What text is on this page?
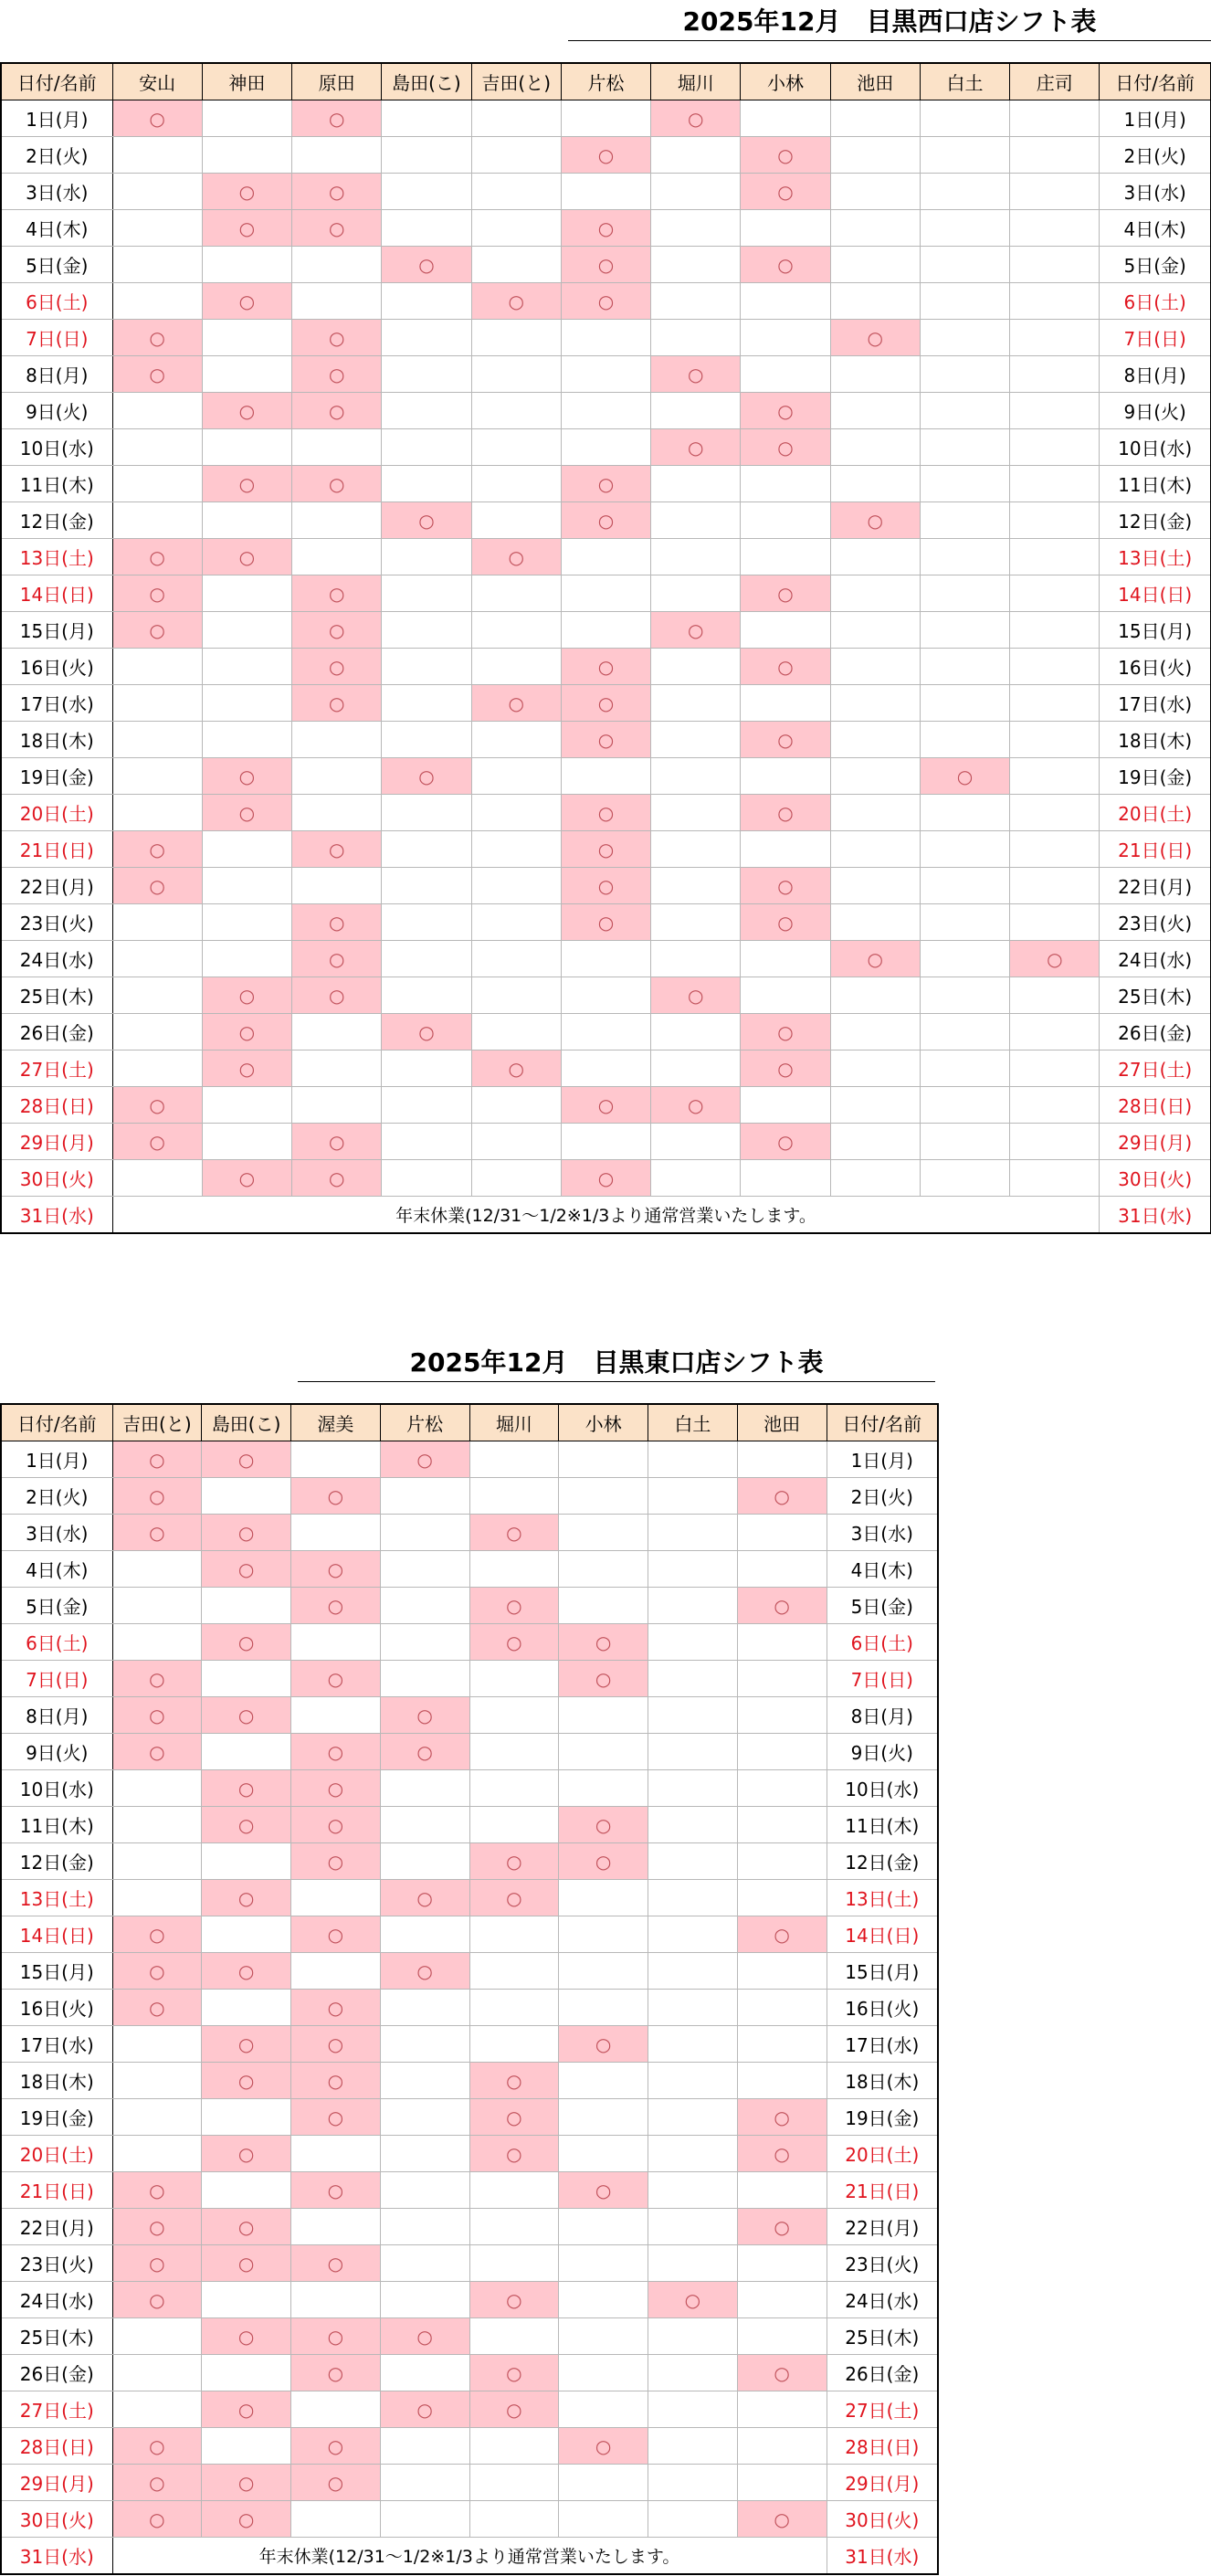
2025年12月　目黒西口店シフト表
日付/名前	安山	神田	原田	島田(こ)	吉田(と)	片松	堀川	小林	池田	白土	庄司	日付/名前
1日(月)	○		○				○					1日(月)
2日(火)						○		○				2日(火)
3日(水)		○	○					○				3日(水)
4日(木)		○	○			○						4日(木)
5日(金)				○		○		○				5日(金)
6日(土)		○			○	○						6日(土)
7日(日)	○		○						○			7日(日)
8日(月)	○		○				○					8日(月)
9日(火)		○	○					○				9日(火)
10日(水)							○	○				10日(水)
11日(木)		○	○			○						11日(木)
12日(金)				○		○			○			12日(金)
13日(土)	○	○			○							13日(土)
14日(日)	○		○					○				14日(日)
15日(月)	○		○				○					15日(月)
16日(火)			○			○		○				16日(火)
17日(水)			○		○	○						17日(水)
18日(木)						○		○				18日(木)
19日(金)		○		○						○		19日(金)
20日(土)		○				○		○				20日(土)
21日(日)	○		○			○						21日(日)
22日(月)	○					○		○				22日(月)
23日(火)			○			○		○				23日(火)
24日(水)			○						○		○	24日(水)
25日(木)		○	○				○					25日(木)
26日(金)		○		○				○				26日(金)
27日(土)		○			○			○				27日(土)
28日(日)	○					○	○					28日(日)
29日(月)	○		○					○				29日(月)
30日(火)		○	○			○						30日(火)
31日(水)	年末休業(12/31～1/2※1/3より通常営業いたします。											31日(水)
2025年12月　目黒東口店シフト表
日付/名前	吉田(と)	島田(こ)	渥美	片松	堀川	小林	白土	池田	日付/名前
1日(月)	○	○		○					1日(月)
2日(火)	○		○					○	2日(火)
3日(水)	○	○			○				3日(水)
4日(木)		○	○						4日(木)
5日(金)			○		○			○	5日(金)
6日(土)		○			○	○			6日(土)
7日(日)	○		○			○			7日(日)
8日(月)	○	○		○					8日(月)
9日(火)	○		○	○					9日(火)
10日(水)		○	○						10日(水)
11日(木)		○	○			○			11日(木)
12日(金)			○		○	○			12日(金)
13日(土)		○		○	○				13日(土)
14日(日)	○		○					○	14日(日)
15日(月)	○	○		○					15日(月)
16日(火)	○		○						16日(火)
17日(水)		○	○			○			17日(水)
18日(木)		○	○		○				18日(木)
19日(金)			○		○			○	19日(金)
20日(土)		○			○			○	20日(土)
21日(日)	○		○			○			21日(日)
22日(月)	○	○						○	22日(月)
23日(火)	○	○	○						23日(火)
24日(水)	○				○		○		24日(水)
25日(木)		○	○	○					25日(木)
26日(金)			○		○			○	26日(金)
27日(土)		○		○	○				27日(土)
28日(日)	○		○			○			28日(日)
29日(月)	○	○	○						29日(月)
30日(火)	○	○						○	30日(火)
31日(水)	年末休業(12/31～1/2※1/3より通常営業いたします。								31日(水)
